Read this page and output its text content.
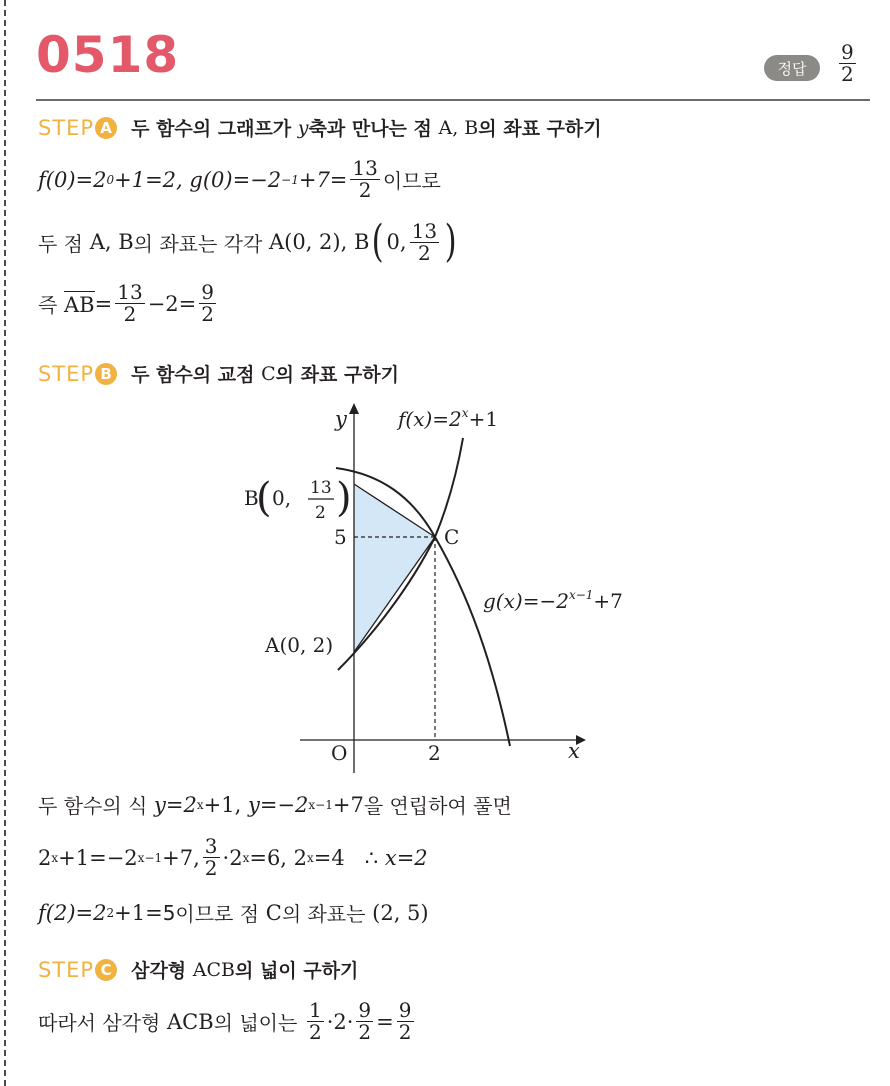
0518	정답	$\frac{9}{2}$
STEP A 두 함수의 그래프가
y 축과 만나는 점
A, B 의 좌표 구하기
f(0)=2 0 +1=2, $g(0)=-2 -1 +7= \frac{13}{2}$ 이므로
두 점
A, B 의 좌표는 각각
A(0, 2), B ( 0, $\frac{13}{2}$ )
즉
AB = $\frac{13}{2} -2= \frac{9}{2}$
STEP B 두 함수의 교점
C 의 좌표 구하기
y
x
O	2
5	C
A(0, 2)
B
( 0, 13
2 )
$f(x)=2^x+1$
$g(x)=-2^{x-1}+7$
두 함수의 식
y=2 x +1,
y=−2 x−1 +7 을 연립하여 풀면
2 x +1=−2 x−1 +7, $\frac{3}{2} \cdot 2$ x =6, 2 x =4
∴
x=2
f(2)=2 2 +1= 5 이므로 점
C 의 좌표는
(2, 5)
STEP C 삼각형
ACB 의 넓이 구하기
따라서 삼각형
ACB 의 넓이는
$\frac{1}{2} \cdot 2\cdot \frac{9}{2} = \frac{9}{2}$
